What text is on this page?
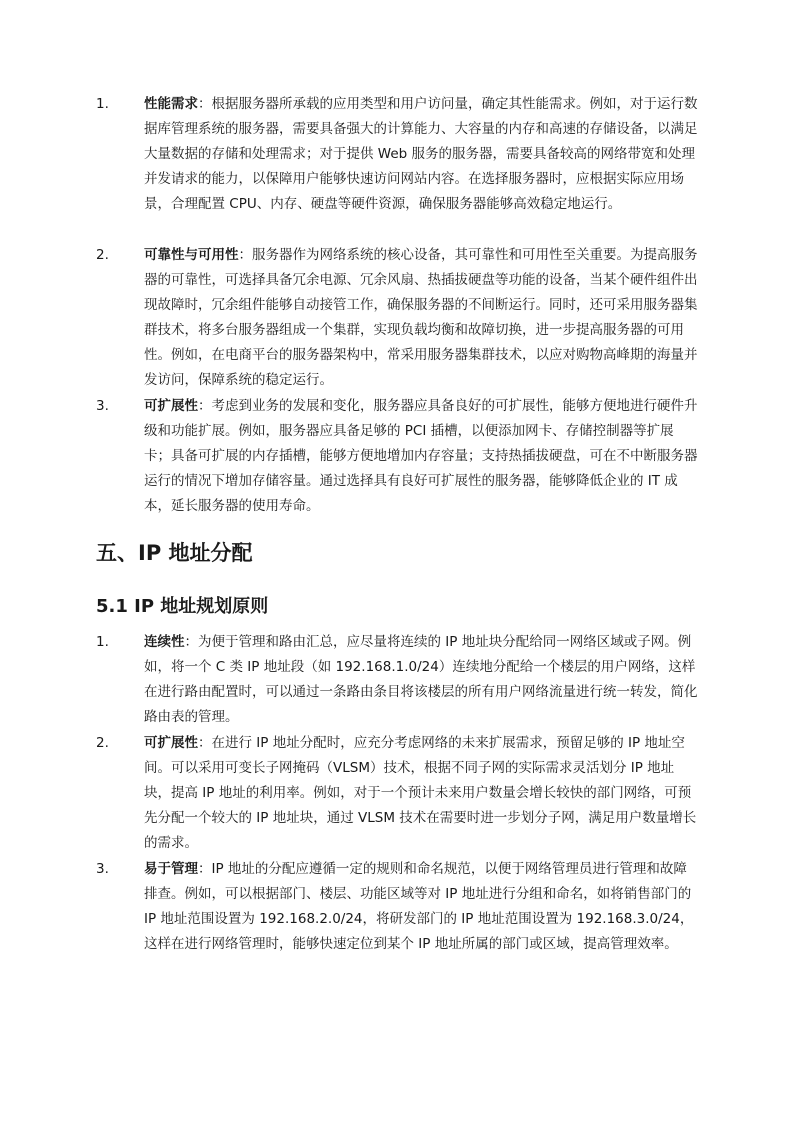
1.	性能需求：根据服务器所承载的应用类型和用户访问量，确定其性能需求。例如，对于运行数据库管理系统的服务器，需要具备强大的计算能力、大容量的内存和高速的存储设备，以满足大量数据的存储和处理需求；对于提供 Web 服务的服务器，需要具备较高的网络带宽和处理并发请求的能力，以保障用户能够快速访问网站内容。在选择服务器时，应根据实际应用场景，合理配置 CPU、内存、硬盘等硬件资源，确保服务器能够高效稳定地运行。
2.	可靠性与可用性：服务器作为网络系统的核心设备，其可靠性和可用性至关重要。为提高服务器的可靠性，可选择具备冗余电源、冗余风扇、热插拔硬盘等功能的设备，当某个硬件组件出现故障时，冗余组件能够自动接管工作，确保服务器的不间断运行。同时，还可采用服务器集群技术，将多台服务器组成一个集群，实现负载均衡和故障切换，进一步提高服务器的可用性。例如，在电商平台的服务器架构中，常采用服务器集群技术，以应对购物高峰期的海量并发访问，保障系统的稳定运行。
3.	可扩展性：考虑到业务的发展和变化，服务器应具备良好的可扩展性，能够方便地进行硬件升级和功能扩展。例如，服务器应具备足够的 PCI 插槽，以便添加网卡、存储控制器等扩展卡；具备可扩展的内存插槽，能够方便地增加内存容量；支持热插拔硬盘，可在不中断服务器运行的情况下增加存储容量。通过选择具有良好可扩展性的服务器，能够降低企业的 IT 成本，延长服务器的使用寿命。
五、IP 地址分配
5.1 IP 地址规划原则
1.	连续性：为便于管理和路由汇总，应尽量将连续的 IP 地址块分配给同一网络区域或子网。例如，将一个 C 类 IP 地址段（如 192.168.1.0/24）连续地分配给一个楼层的用户网络，这样在进行路由配置时，可以通过一条路由条目将该楼层的所有用户网络流量进行统一转发，简化路由表的管理。
2.	可扩展性：在进行 IP 地址分配时，应充分考虑网络的未来扩展需求，预留足够的 IP 地址空间。可以采用可变长子网掩码（VLSM）技术，根据不同子网的实际需求灵活划分 IP 地址块，提高 IP 地址的利用率。例如，对于一个预计未来用户数量会增长较快的部门网络，可预先分配一个较大的 IP 地址块，通过 VLSM 技术在需要时进一步划分子网，满足用户数量增长的需求。
3.	易于管理：IP 地址的分配应遵循一定的规则和命名规范，以便于网络管理员进行管理和故障排查。例如，可以根据部门、楼层、功能区域等对 IP 地址进行分组和命名，如将销售部门的 IP 地址范围设置为 192.168.2.0/24，将研发部门的 IP 地址范围设置为 192.168.3.0/24，这样在进行网络管理时，能够快速定位到某个 IP 地址所属的部门或区域，提高管理效率。
